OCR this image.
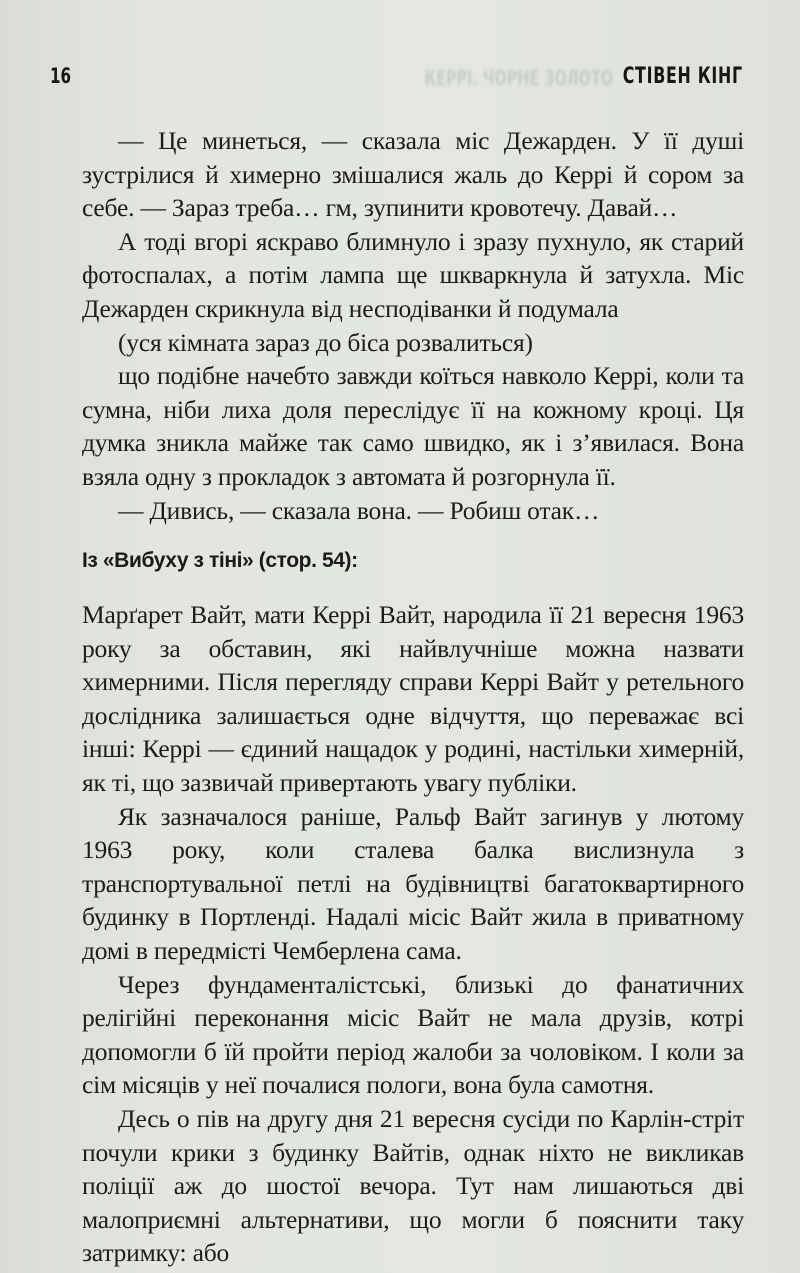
16	КЕРРІ. ЧОРНЕ ЗОЛОТО СТІВЕН КІНГ

— Це минеться, — сказала міс Дежарден. У її душі зустрілися й химерно змішалися жаль до Керрі й сором за себе. — Зараз треба… гм, зупинити кровотечу. Давай…

А тоді вгорі яскраво блимнуло і зразу пухнуло, як старий фотоспалах, а потім лампа ще шкваркнула й затухла. Міс Дежарден скрикнула від несподіванки й подумала

(уся кімната зараз до біса розвалиться)

що подібне начебто завжди коїться навколо Керрі, коли та сумна, ніби лиха доля переслідує її на кожному кроці. Ця думка зникла майже так само швидко, як і з’явилася. Вона взяла одну з прокладок з автомата й розгорнула її.

— Дивись, — сказала вона. — Робиш отак…

Із «Вибуху з тіні» (стор. 54):

Марґарет Вайт, мати Керрі Вайт, народила її 21 вересня 1963 року за обставин, які найвлучніше можна назвати химерними. Після перегляду справи Керрі Вайт у ретельного дослідника залишається одне відчуття, що переважає всі інші: Керрі — єдиний нащадок у родині, настільки химерній, як ті, що зазвичай привертають увагу публіки.

Як зазначалося раніше, Ральф Вайт загинув у лютому 1963 року, коли сталева балка вислизнула з транспортувальної петлі на будівництві багатоквартирного будинку в Портленді. Надалі місіс Вайт жила в приватному домі в передмісті Чемберлена сама.

Через фундаменталістські, близькі до фанатичних релігійні переконання місіс Вайт не мала друзів, котрі допомогли б їй пройти період жалоби за чоловіком. І коли за сім місяців у неї почалися пологи, вона була самотня.

Десь о пів на другу дня 21 вересня сусіди по Карлін-стріт почули крики з будинку Вайтів, однак ніхто не викликав поліції аж до шостої вечора. Тут нам лишаються дві малоприємні альтернативи, що могли б пояснити таку затримку: або
